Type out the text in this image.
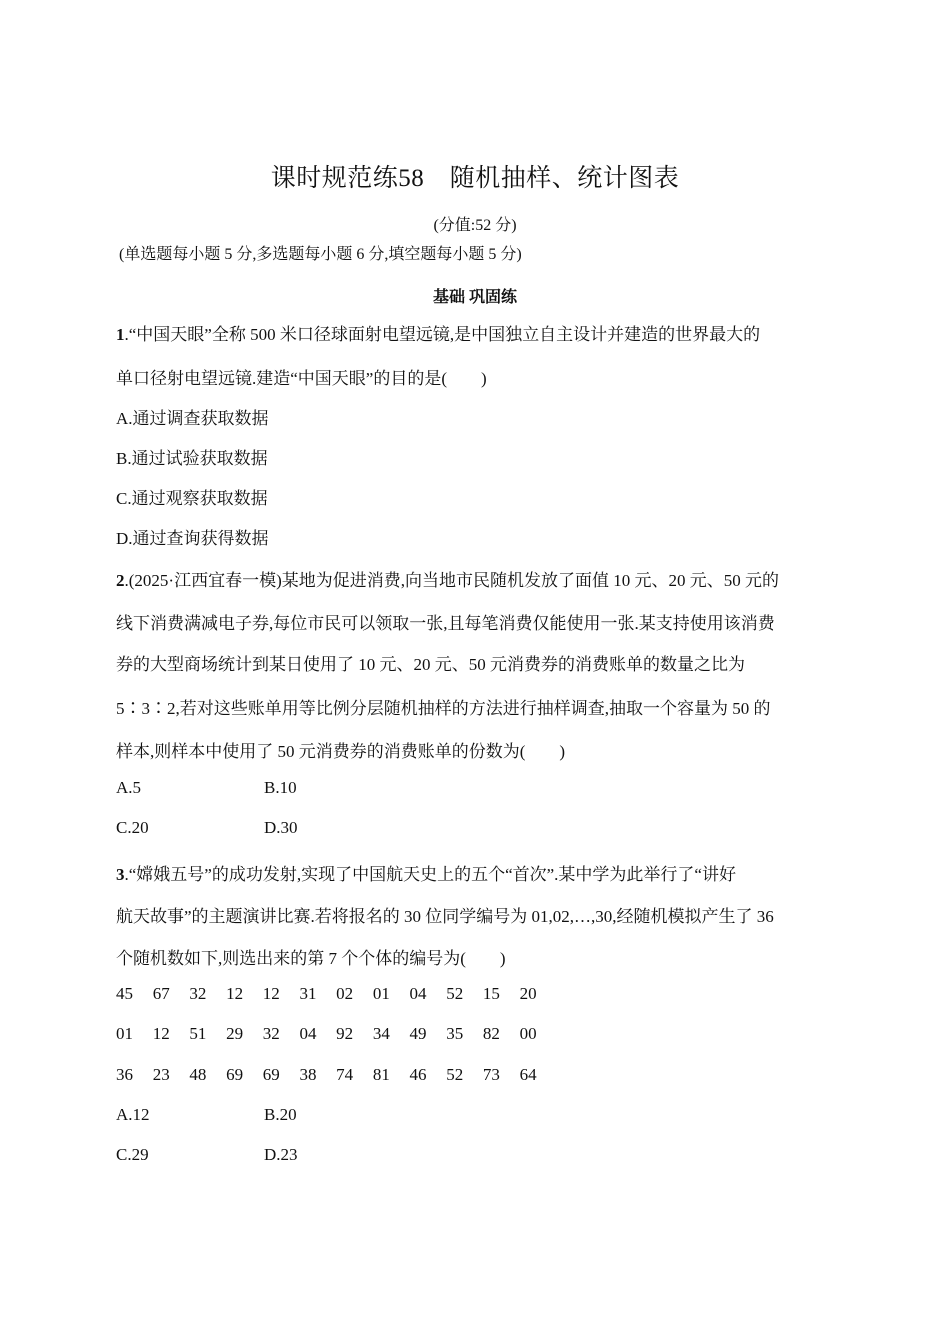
课时规范练58　随机抽样、统计图表
(分值:52 分)
(单选题每小题 5 分,多选题每小题 6 分,填空题每小题 5 分)
基础 巩固练
1.“中国天眼”全称 500 米口径球面射电望远镜,是中国独立自主设计并建造的世界最大的
单口径射电望远镜.建造“中国天眼”的目的是(　　)
A.通过调查获取数据
B.通过试验获取数据
C.通过观察获取数据
D.通过查询获得数据
2.(2025·江西宜春一模)某地为促进消费,向当地市民随机发放了面值 10 元、20 元、50 元的
线下消费满减电子券,每位市民可以领取一张,且每笔消费仅能使用一张.某支持使用该消费
券的大型商场统计到某日使用了 10 元、20 元、50 元消费券的消费账单的数量之比为
5∶3∶2,若对这些账单用等比例分层随机抽样的方法进行抽样调查,抽取一个容量为 50 的
样本,则样本中使用了 50 元消费券的消费账单的份数为(　　)
A.5	B.10
C.20	D.30
3.“嫦娥五号”的成功发射,实现了中国航天史上的五个“首次”.某中学为此举行了“讲好
航天故事”的主题演讲比赛.若将报名的 30 位同学编号为 01,02,…,30,经随机模拟产生了 36
个随机数如下,则选出来的第 7 个个体的编号为(　　)
45 67 32 12 12 31 02 01 04 52 15 20
01 12 51 29 32 04 92 34 49 35 82 00
36 23 48 69 69 38 74 81 46 52 73 64
A.12	B.20
C.29	D.23
